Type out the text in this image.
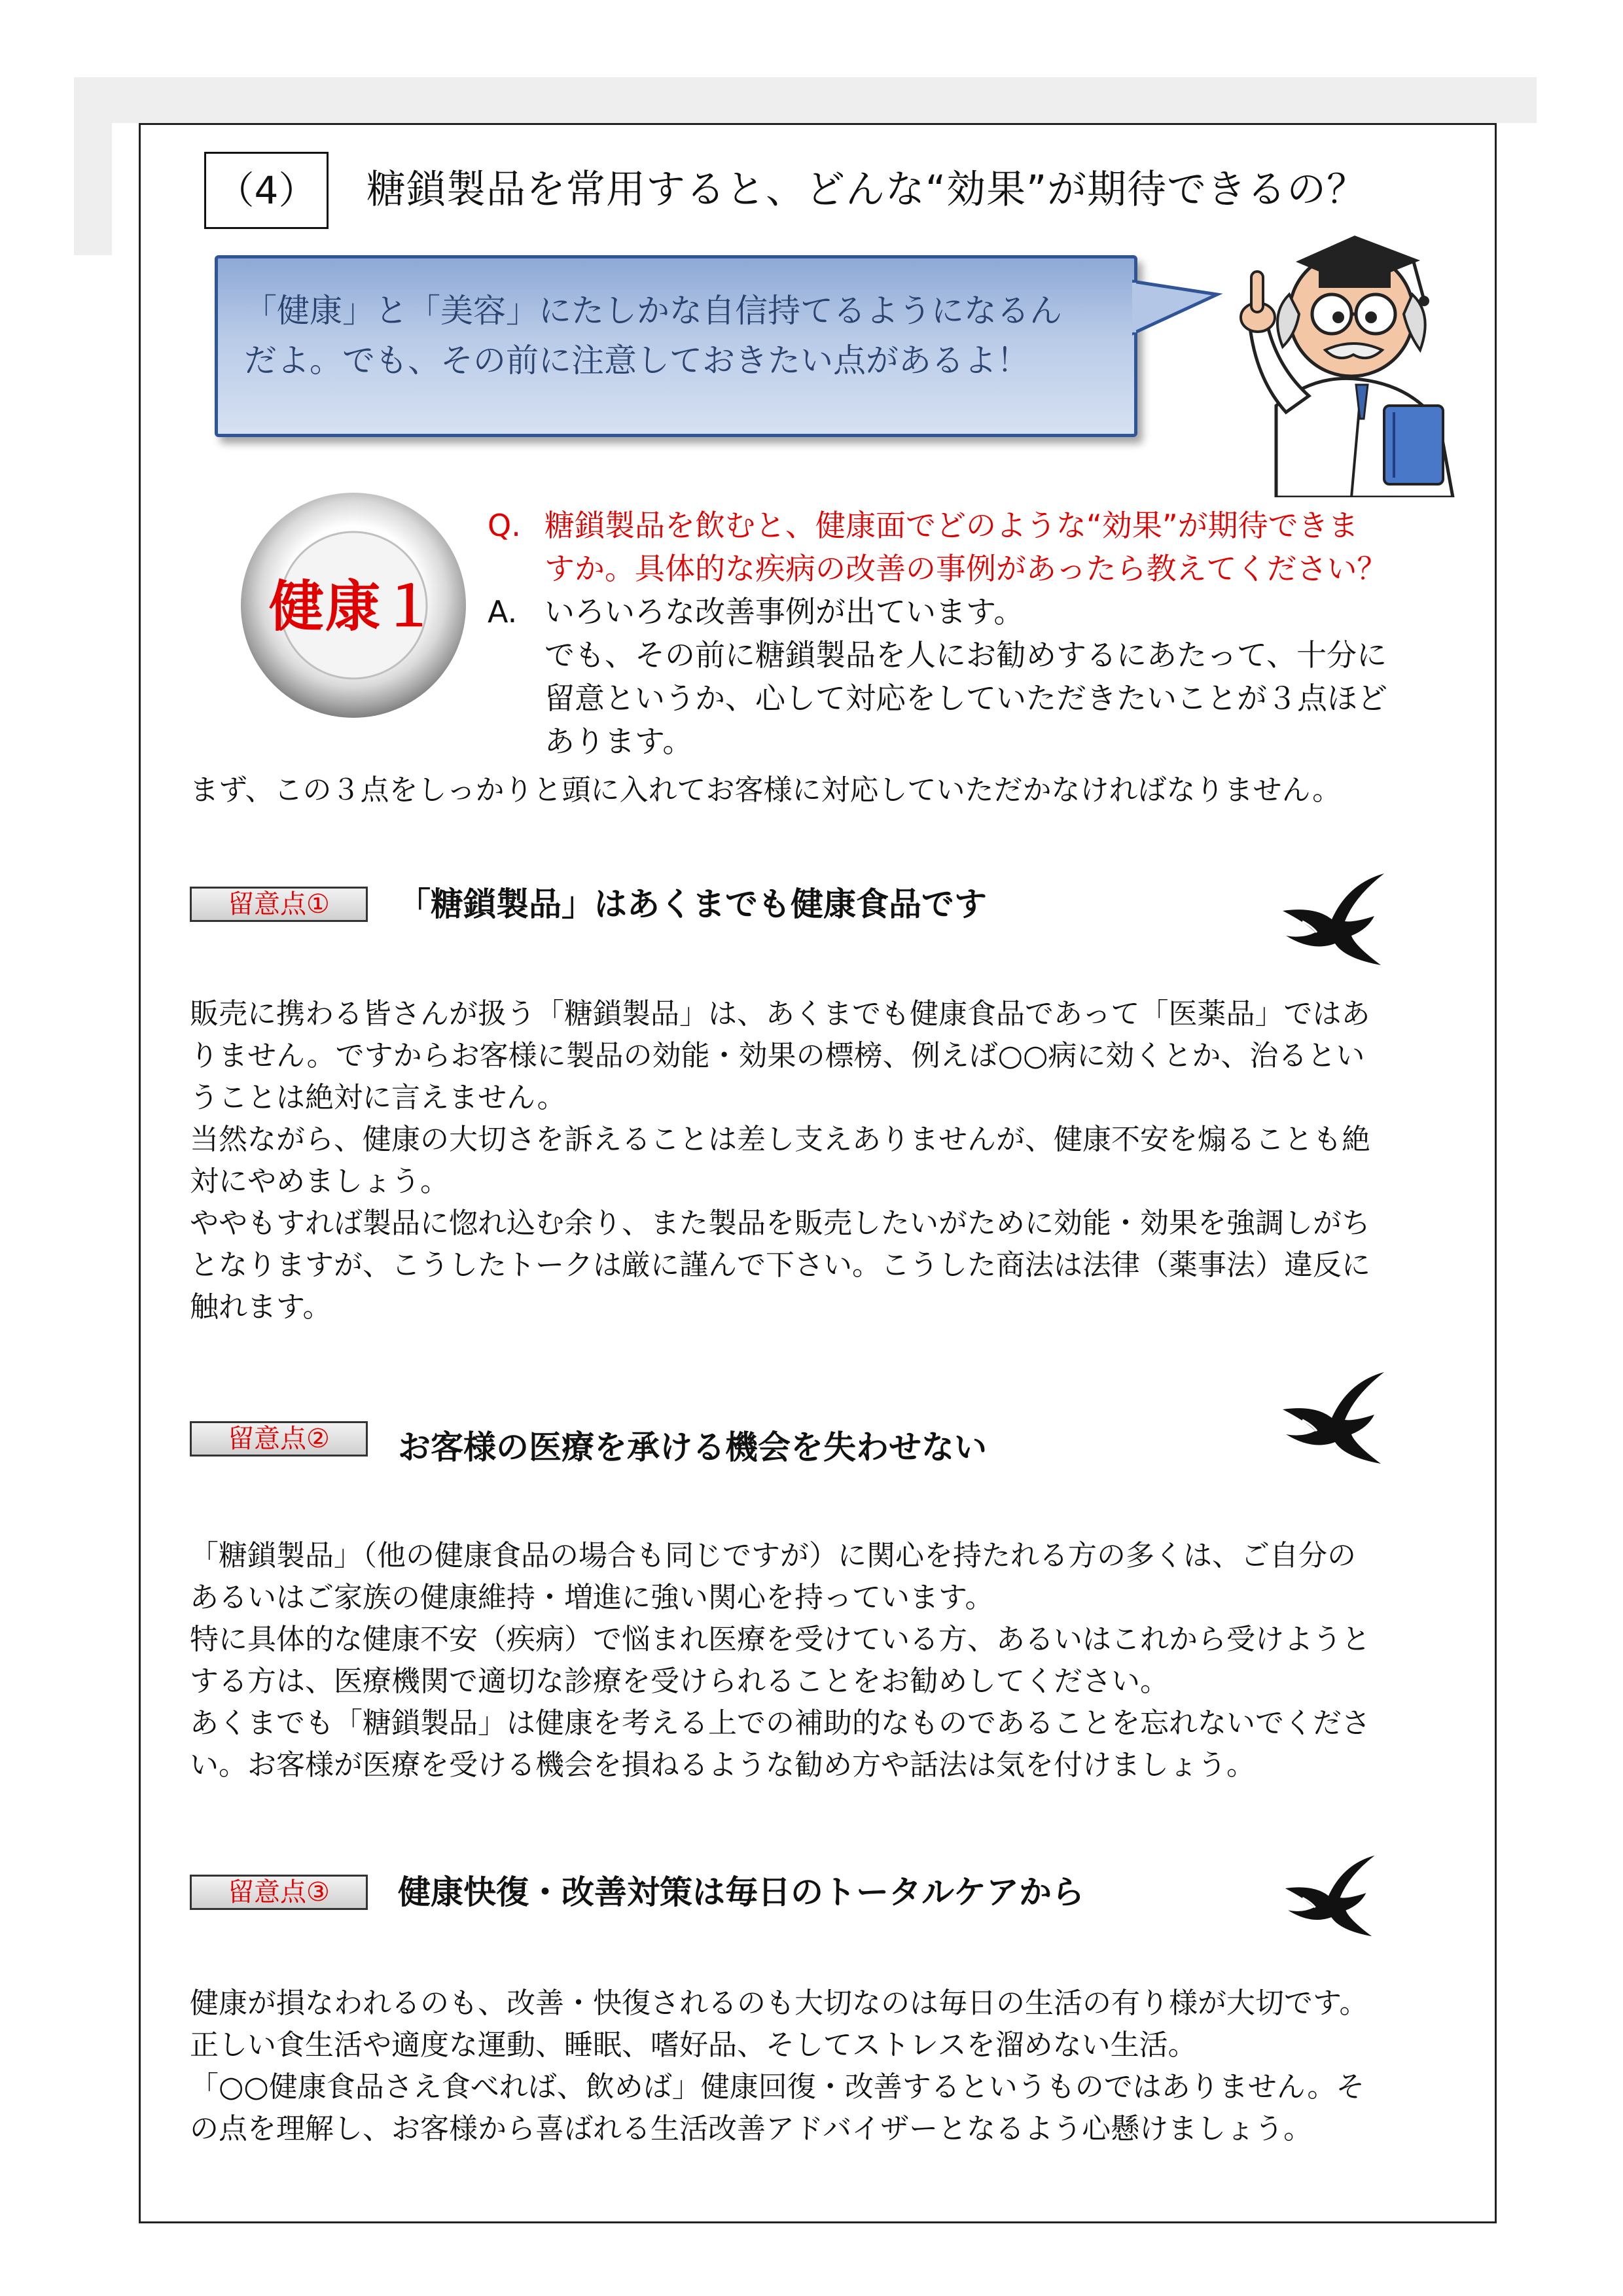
（4）	糖鎖製品を常用すると、どんな“効果”が期待できるの？
「健康」と「美容」にたしかな自信持てるようになるん
だよ。でも、その前に注意しておきたい点があるよ！
健康１
Q. 糖鎖製品を飲むと、健康面でどのような“効果”が期待できま
すか。具体的な疾病の改善の事例があったら教えてください？
A. いろいろな改善事例が出ています。
でも、その前に糖鎖製品を人にお勧めするにあたって、十分に
留意というか、心して対応をしていただきたいことが３点ほど
あります。
まず、この３点をしっかりと頭に入れてお客様に対応していただかなければなりません。
留意点①	「糖鎖製品」はあくまでも健康食品です
販売に携わる皆さんが扱う「糖鎖製品」は、あくまでも健康食品であって「医薬品」ではあ
りません。ですからお客様に製品の効能・効果の標榜、例えば○○病に効くとか、治るとい
うことは絶対に言えません。
当然ながら、健康の大切さを訴えることは差し支えありませんが、健康不安を煽ることも絶
対にやめましょう。
ややもすれば製品に惚れ込む余り、また製品を販売したいがために効能・効果を強調しがち
となりますが、こうしたトークは厳に謹んで下さい。こうした商法は法律（薬事法）違反に
触れます。
留意点②	お客様の医療を承ける機会を失わせない
「糖鎖製品」（他の健康食品の場合も同じですが）に関心を持たれる方の多くは、ご自分の
あるいはご家族の健康維持・増進に強い関心を持っています。
特に具体的な健康不安（疾病）で悩まれ医療を受けている方、あるいはこれから受けようと
する方は、医療機関で適切な診療を受けられることをお勧めしてください。
あくまでも「糖鎖製品」は健康を考える上での補助的なものであることを忘れないでくださ
い。お客様が医療を受ける機会を損ねるような勧め方や話法は気を付けましょう。
留意点③	健康快復・改善対策は毎日のトータルケアから
健康が損なわれるのも、改善・快復されるのも大切なのは毎日の生活の有り様が大切です。
正しい食生活や適度な運動、睡眠、嗜好品、そしてストレスを溜めない生活。
「○○健康食品さえ食べれば、飲めば」健康回復・改善するというものではありません。そ
の点を理解し、お客様から喜ばれる生活改善アドバイザーとなるよう心懸けましょう。
